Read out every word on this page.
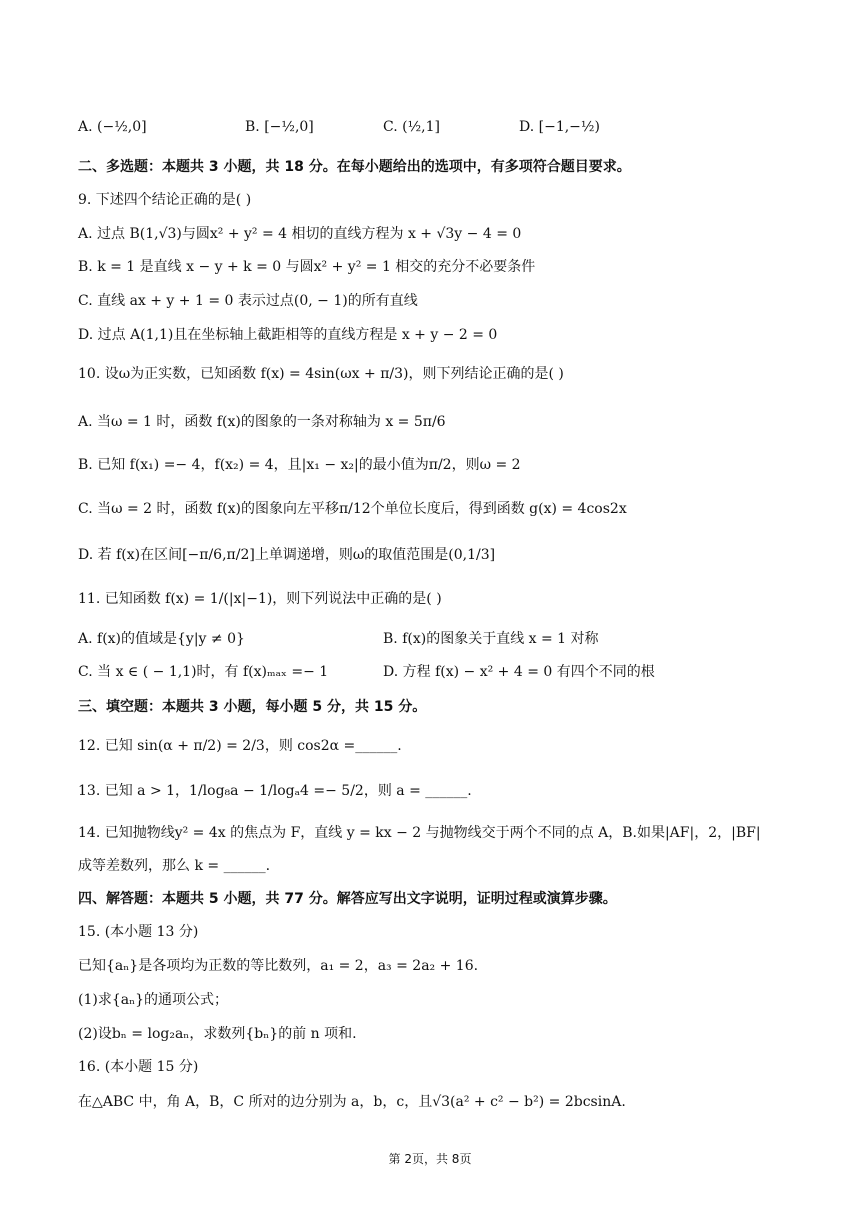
A. (−½,0]	B. [−½,0]	C. (½,1]	D. [−1,−½)
二、多选题：本题共 3 小题，共 18 分。在每小题给出的选项中，有多项符合题目要求。
9. 下述四个结论正确的是( )
A. 过点 B(1,√3)与圆x² + y² = 4 相切的直线方程为 x + √3y − 4 = 0
B. k = 1 是直线 x − y + k = 0 与圆x² + y² = 1 相交的充分不必要条件
C. 直线 ax + y + 1 = 0 表示过点(0, − 1)的所有直线
D. 过点 A(1,1)且在坐标轴上截距相等的直线方程是 x + y − 2 = 0
10. 设ω为正实数，已知函数 f(x) = 4sin(ωx + π/3)，则下列结论正确的是( )
A. 当ω = 1 时，函数 f(x)的图象的一条对称轴为 x = 5π/6
B. 已知 f(x₁) =− 4，f(x₂) = 4，且|x₁ − x₂|的最小值为π/2，则ω = 2
C. 当ω = 2 时，函数 f(x)的图象向左平移π/12个单位长度后，得到函数 g(x) = 4cos2x
D. 若 f(x)在区间[−π/6,π/2]上单调递增，则ω的取值范围是(0,1/3]
11. 已知函数 f(x) = 1/(|x|−1)，则下列说法中正确的是( )
A. f(x)的值域是{y|y ≠ 0}	B. f(x)的图象关于直线 x = 1 对称
C. 当 x ∈ ( − 1,1)时，有 f(x)ₘₐₓ =− 1	D. 方程 f(x) − x² + 4 = 0 有四个不同的根
三、填空题：本题共 3 小题，每小题 5 分，共 15 分。
12. 已知 sin(α + π/2) = 2/3，则 cos2α =______.
13. 已知 a > 1，1/log₈a − 1/logₐ4 =− 5/2，则 a = ______.
14. 已知抛物线y² = 4x 的焦点为 F，直线 y = kx − 2 与抛物线交于两个不同的点 A，B.如果|AF|，2，|BF|
成等差数列，那么 k = ______.
四、解答题：本题共 5 小题，共 77 分。解答应写出文字说明，证明过程或演算步骤。
15. (本小题 13 分)
已知{aₙ}是各项均为正数的等比数列，a₁ = 2，a₃ = 2a₂ + 16.
(1)求{aₙ}的通项公式；
(2)设bₙ = log₂aₙ，求数列{bₙ}的前 n 项和.
16. (本小题 15 分)
在△ABC 中，角 A，B，C 所对的边分别为 a，b，c，且√3(a² + c² − b²) = 2bcsinA.
第 2页，共 8页
